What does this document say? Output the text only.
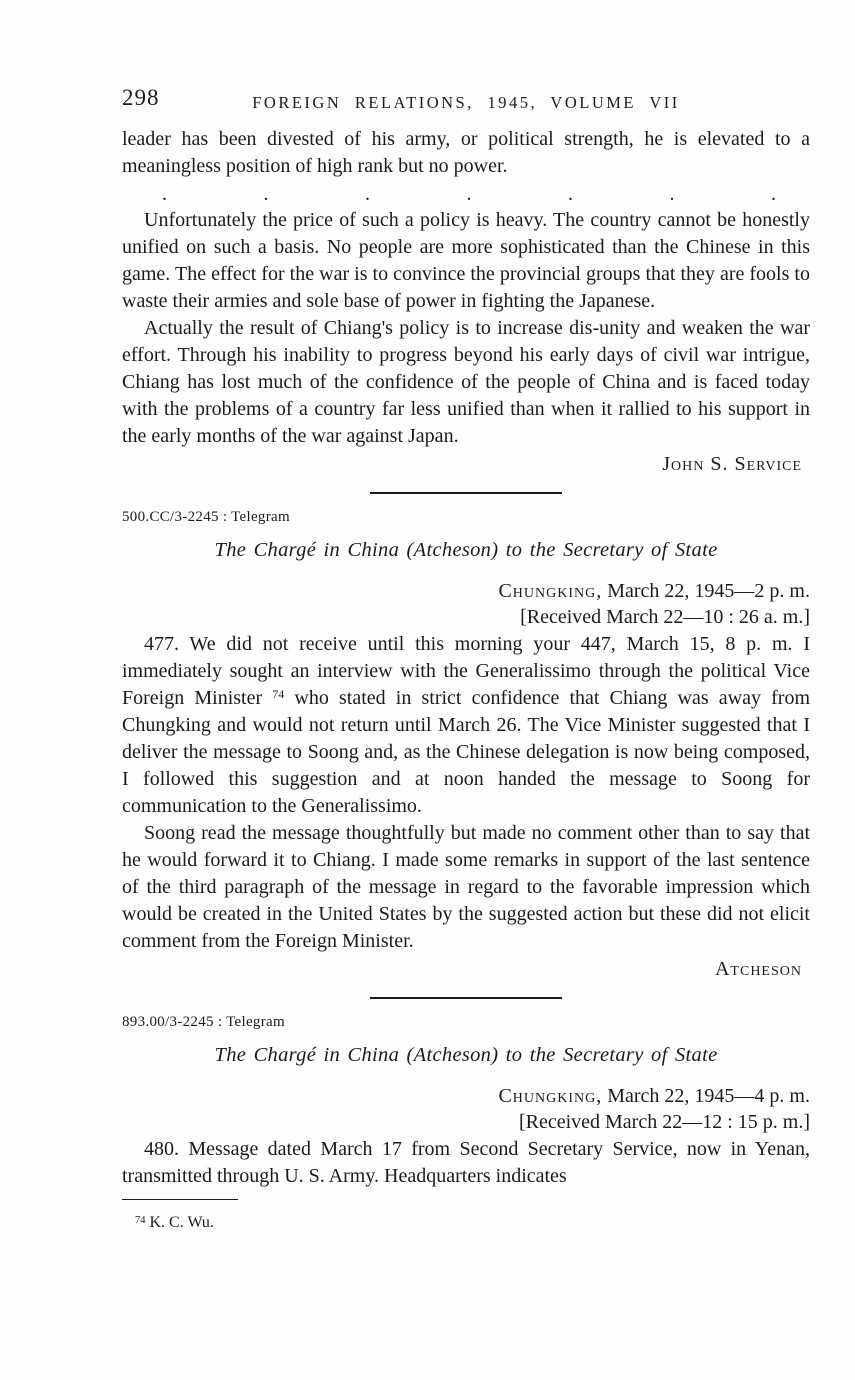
298	FOREIGN RELATIONS, 1945, VOLUME VII

leader has been divested of his army, or political strength, he is elevated to a meaningless position of high rank but no power.

.	.	.	.	.	.	.

Unfortunately the price of such a policy is heavy. The country cannot be honestly unified on such a basis. No people are more sophisticated than the Chinese in this game. The effect for the war is to convince the provincial groups that they are fools to waste their armies and sole base of power in fighting the Japanese.

Actually the result of Chiang's policy is to increase dis-unity and weaken the war effort. Through his inability to progress beyond his early days of civil war intrigue, Chiang has lost much of the confidence of the people of China and is faced today with the problems of a country far less unified than when it rallied to his support in the early months of the war against Japan.

John S. Service
500.CC/3-2245 : Telegram
The Chargé in China (Atcheson) to the Secretary of State
Chungking, March 22, 1945—2 p. m.
[Received March 22—10 : 26 a. m.]

477. We did not receive until this morning your 447, March 15, 8 p. m. I immediately sought an interview with the Generalissimo through the political Vice Foreign Minister $^{74}$ who stated in strict confidence that Chiang was away from Chungking and would not return until March 26. The Vice Minister suggested that I deliver the message to Soong and, as the Chinese delegation is now being composed, I followed this suggestion and at noon handed the message to Soong for communication to the Generalissimo.

Soong read the message thoughtfully but made no comment other than to say that he would forward it to Chiang. I made some remarks in support of the last sentence of the third paragraph of the message in regard to the favorable impression which would be created in the United States by the suggested action but these did not elicit comment from the Foreign Minister.

Atcheson
893.00/3-2245 : Telegram
The Chargé in China (Atcheson) to the Secretary of State
Chungking, March 22, 1945—4 p. m.
[Received March 22—12 : 15 p. m.]

480. Message dated March 17 from Second Secretary Service, now in Yenan, transmitted through U. S. Army. Headquarters indicates

$^{74}$ K. C. Wu.
